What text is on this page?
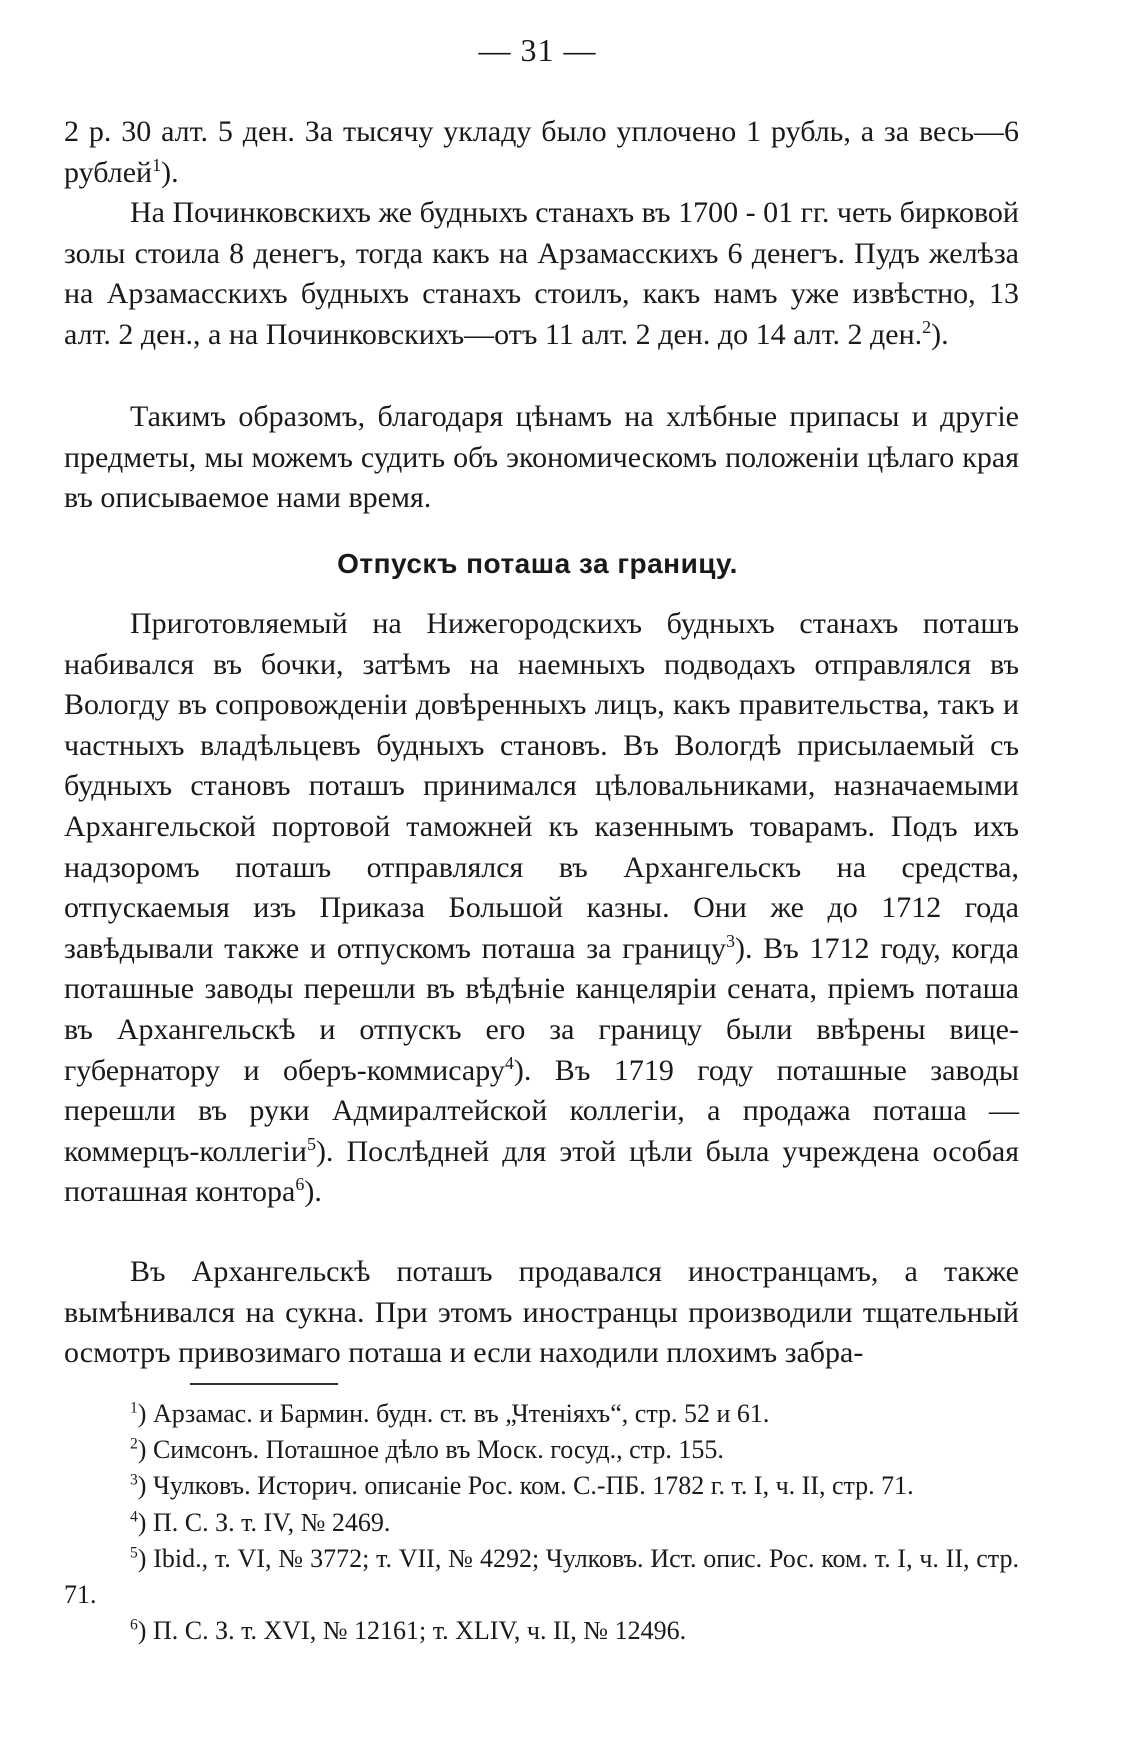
— 31 —

2 р. 30 алт. 5 ден. За тысячу укладу было уплочено 1 рубль, а за весь—6 рублей$^1$).

На Починковскихъ же будныхъ станахъ въ 1700 - 01 гг. четь бирковой золы стоила 8 денегъ, тогда какъ на Арзамасскихъ 6 денегъ. Пудъ желѣза на Арзамасскихъ будныхъ станахъ стоилъ, какъ намъ уже извѣстно, 13 алт. 2 ден., а на Починковскихъ—отъ 11 алт. 2 ден. до 14 алт. 2 ден.$^2$).

Такимъ образомъ, благодаря цѣнамъ на хлѣбные припасы и другіе предметы, мы можемъ судить объ экономическомъ положеніи цѣлаго края въ описываемое нами время.

Отпускъ поташа за границу.

Приготовляемый на Нижегородскихъ будныхъ станахъ поташъ набивался въ бочки, затѣмъ на наемныхъ подводахъ отправлялся въ Вологду въ сопровожденіи довѣренныхъ лицъ, какъ правительства, такъ и частныхъ владѣльцевъ будныхъ становъ. Въ Вологдѣ присылаемый съ будныхъ становъ поташъ принимался цѣловальниками, назначаемыми Архангельской портовой таможней къ казеннымъ товарамъ. Подъ ихъ надзоромъ поташъ отправлялся въ Архангельскъ на средства, отпускаемыя изъ Приказа Большой казны. Они же до 1712 года завѣдывали также и отпускомъ поташа за границу$^3$). Въ 1712 году, когда поташные заводы перешли въ вѣдѣніе канцеляріи сената, пріемъ поташа въ Архангельскѣ и отпускъ его за границу были ввѣрены вице-губернатору и оберъ-коммисару$^4$). Въ 1719 году поташные заводы перешли въ руки Адмиралтейской коллегіи, а продажа поташа — коммерцъ-коллегіи$^5$). Послѣдней для этой цѣли была учреждена особая поташная контора$^6$).

Въ Архангельскѣ поташъ продавался иностранцамъ, а также вымѣнивался на сукна. При этомъ иностранцы производили тщательный осмотръ привозимаго поташа и если находили плохимъ забра-

$^1$) Арзамас. и Бармин. будн. ст. въ „Чтеніяхъ“, стр. 52 и 61.

$^2$) Симсонъ. Поташное дѣло въ Моск. госуд., стр. 155.

$^3$) Чулковъ. Историч. описаніе Рос. ком. С.-ПБ. 1782 г. т. I, ч. II, стр. 71.

$^4$) П. С. З. т. IV, № 2469.

$^5$) Ibid., т. VI, № 3772; т. VII, № 4292; Чулковъ. Ист. опис. Рос. ком. т. I, ч. II, стр. 71.

$^6$) П. С. З. т. XVI, № 12161; т. XLIV, ч. II, № 12496.
